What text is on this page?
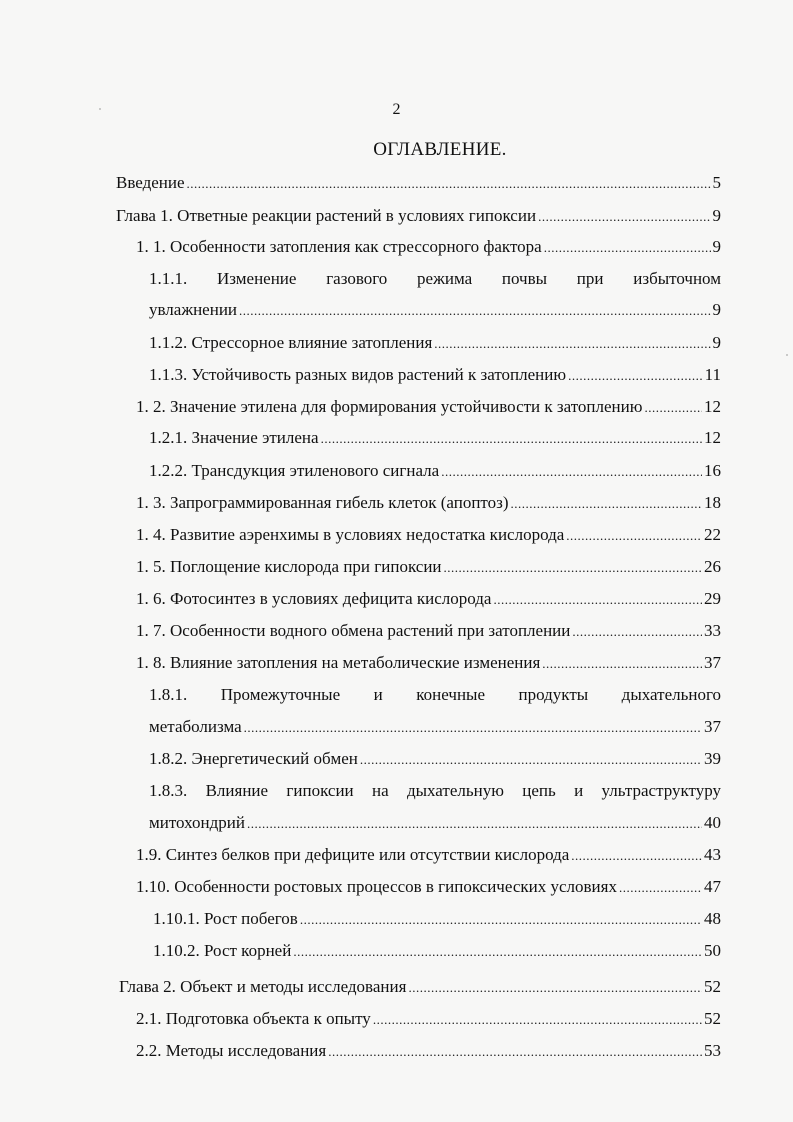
2
ОГЛАВЛЕНИЕ.
Введение .....	5
Глава 1. Ответные реакции растений в условиях гипоксии .....	9
1. 1. Особенности затопления как стрессорного фактора .....	9
1.1.1. Изменение газового режима почвы при избыточном
увлажнении .....	9
1.1.2. Стрессорное влияние затопления .....	9
1.1.3. Устойчивость разных видов растений к затоплению .....	11
1. 2. Значение этилена для формирования устойчивости к затоплению .....	12
1.2.1. Значение этилена .....	12
1.2.2. Трансдукция этиленового сигнала .....	16
1. 3. Запрограммированная гибель клеток (апоптоз) .....	18
1. 4. Развитие аэренхимы в условиях недостатка кислорода .....	22
1. 5. Поглощение кислорода при гипоксии .....	26
1. 6. Фотосинтез в условиях дефицита кислорода .....	29
1. 7. Особенности водного обмена растений при затоплении .....	33
1. 8. Влияние затопления на метаболические изменения .....	37
1.8.1. Промежуточные и конечные продукты дыхательного
метаболизма .....	37
1.8.2. Энергетический обмен .....	39
1.8.3. Влияние гипоксии на дыхательную цепь и ультраструктуру
митохондрий .....	40
1.9. Синтез белков при дефиците или отсутствии кислорода .....	43
1.10. Особенности ростовых процессов в гипоксических условиях .....	47
1.10.1. Рост побегов .....	48
1.10.2. Рост корней .....	50
Глава 2. Объект и методы исследования .....	52
2.1. Подготовка объекта к опыту .....	52
2.2. Методы исследования .....	53
